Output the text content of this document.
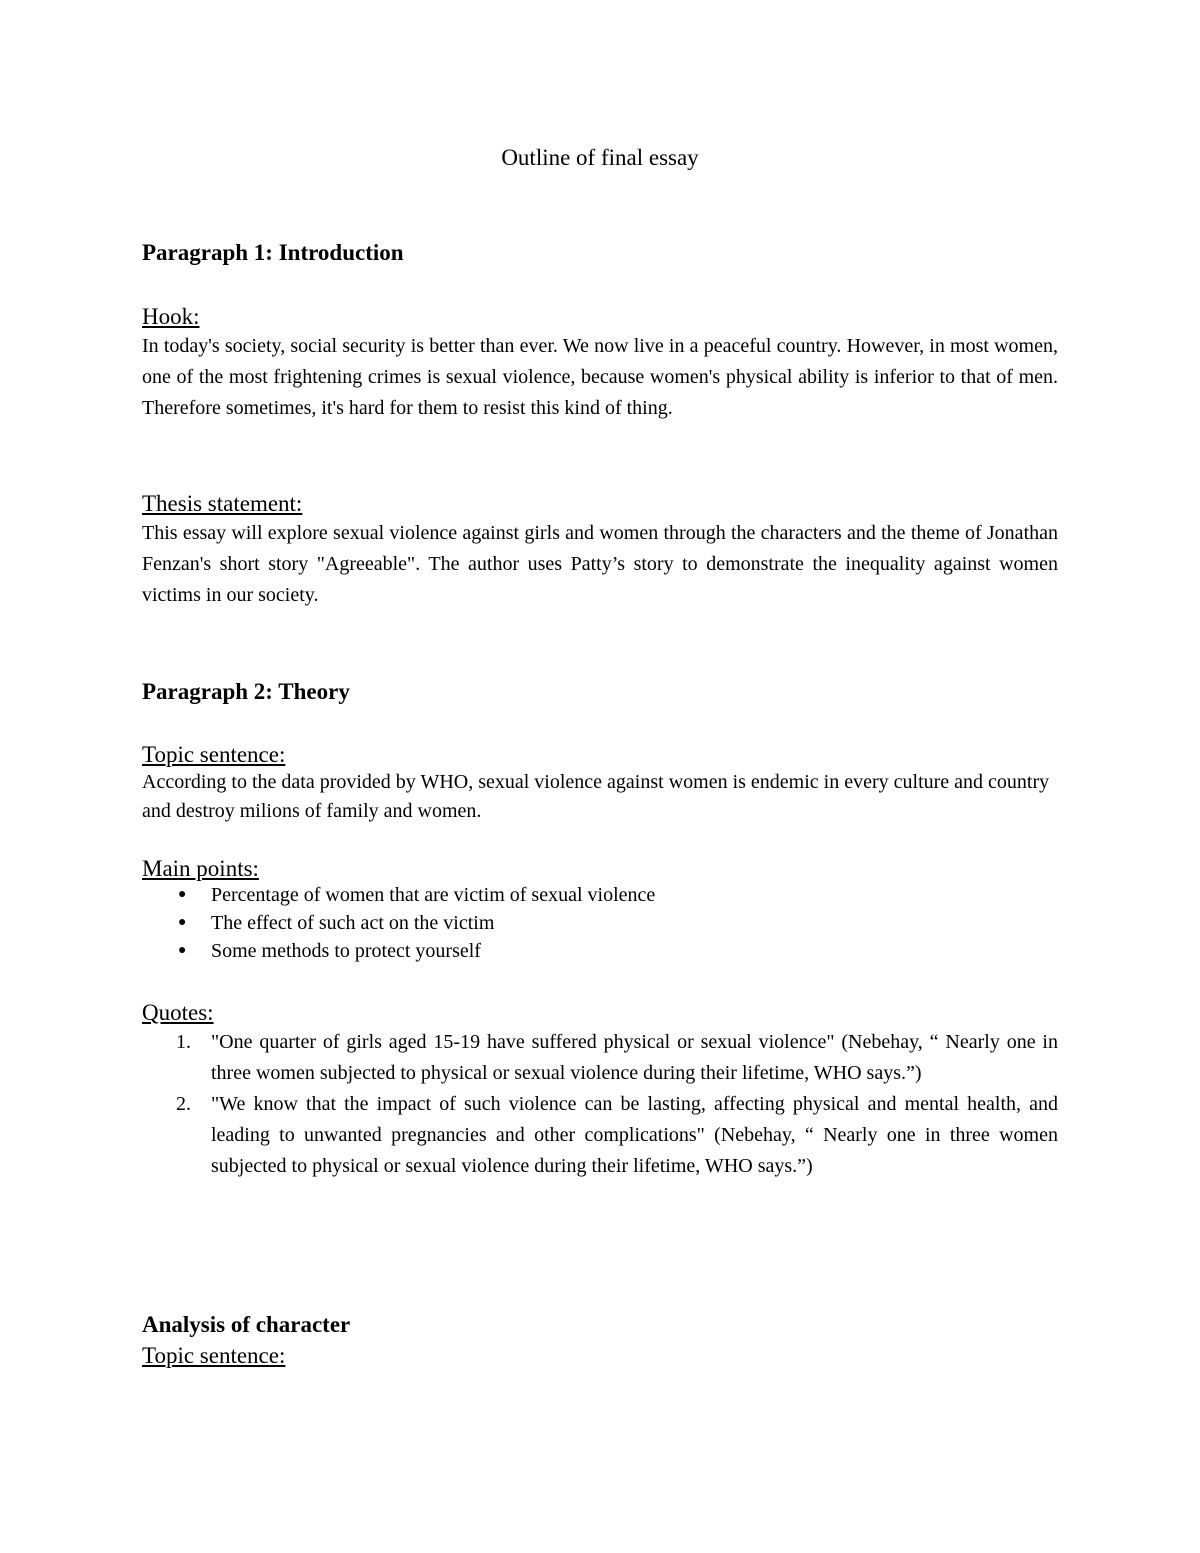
Outline of final essay
Paragraph 1: Introduction
Hook:
In today's society, social security is better than ever. We now live in a peaceful country. However, in most women, one of the most frightening crimes is sexual violence, because women's physical ability is inferior to that of men. Therefore sometimes, it's hard for them to resist this kind of thing.
Thesis statement:
This essay will explore sexual violence against girls and women through the characters and the theme of Jonathan Fenzan's short story "Agreeable". The author uses Patty’s story to demonstrate the inequality against women victims in our society.
Paragraph 2: Theory
Topic sentence:
According to the data provided by WHO, sexual violence against women is endemic in every culture and country and destroy milions of family and women.
Main points:
● Percentage of women that are victim of sexual violence
● The effect of such act on the victim
● Some methods to protect yourself
Quotes:
1. "One quarter of girls aged 15-19 have suffered physical or sexual violence" (Nebehay, “ Nearly one in three women subjected to physical or sexual violence during their lifetime, WHO says.”)
2. "We know that the impact of such violence can be lasting, affecting physical and mental health, and leading to unwanted pregnancies and other complications" (Nebehay, “ Nearly one in three women subjected to physical or sexual violence during their lifetime, WHO says.”)
Analysis of character
Topic sentence:
